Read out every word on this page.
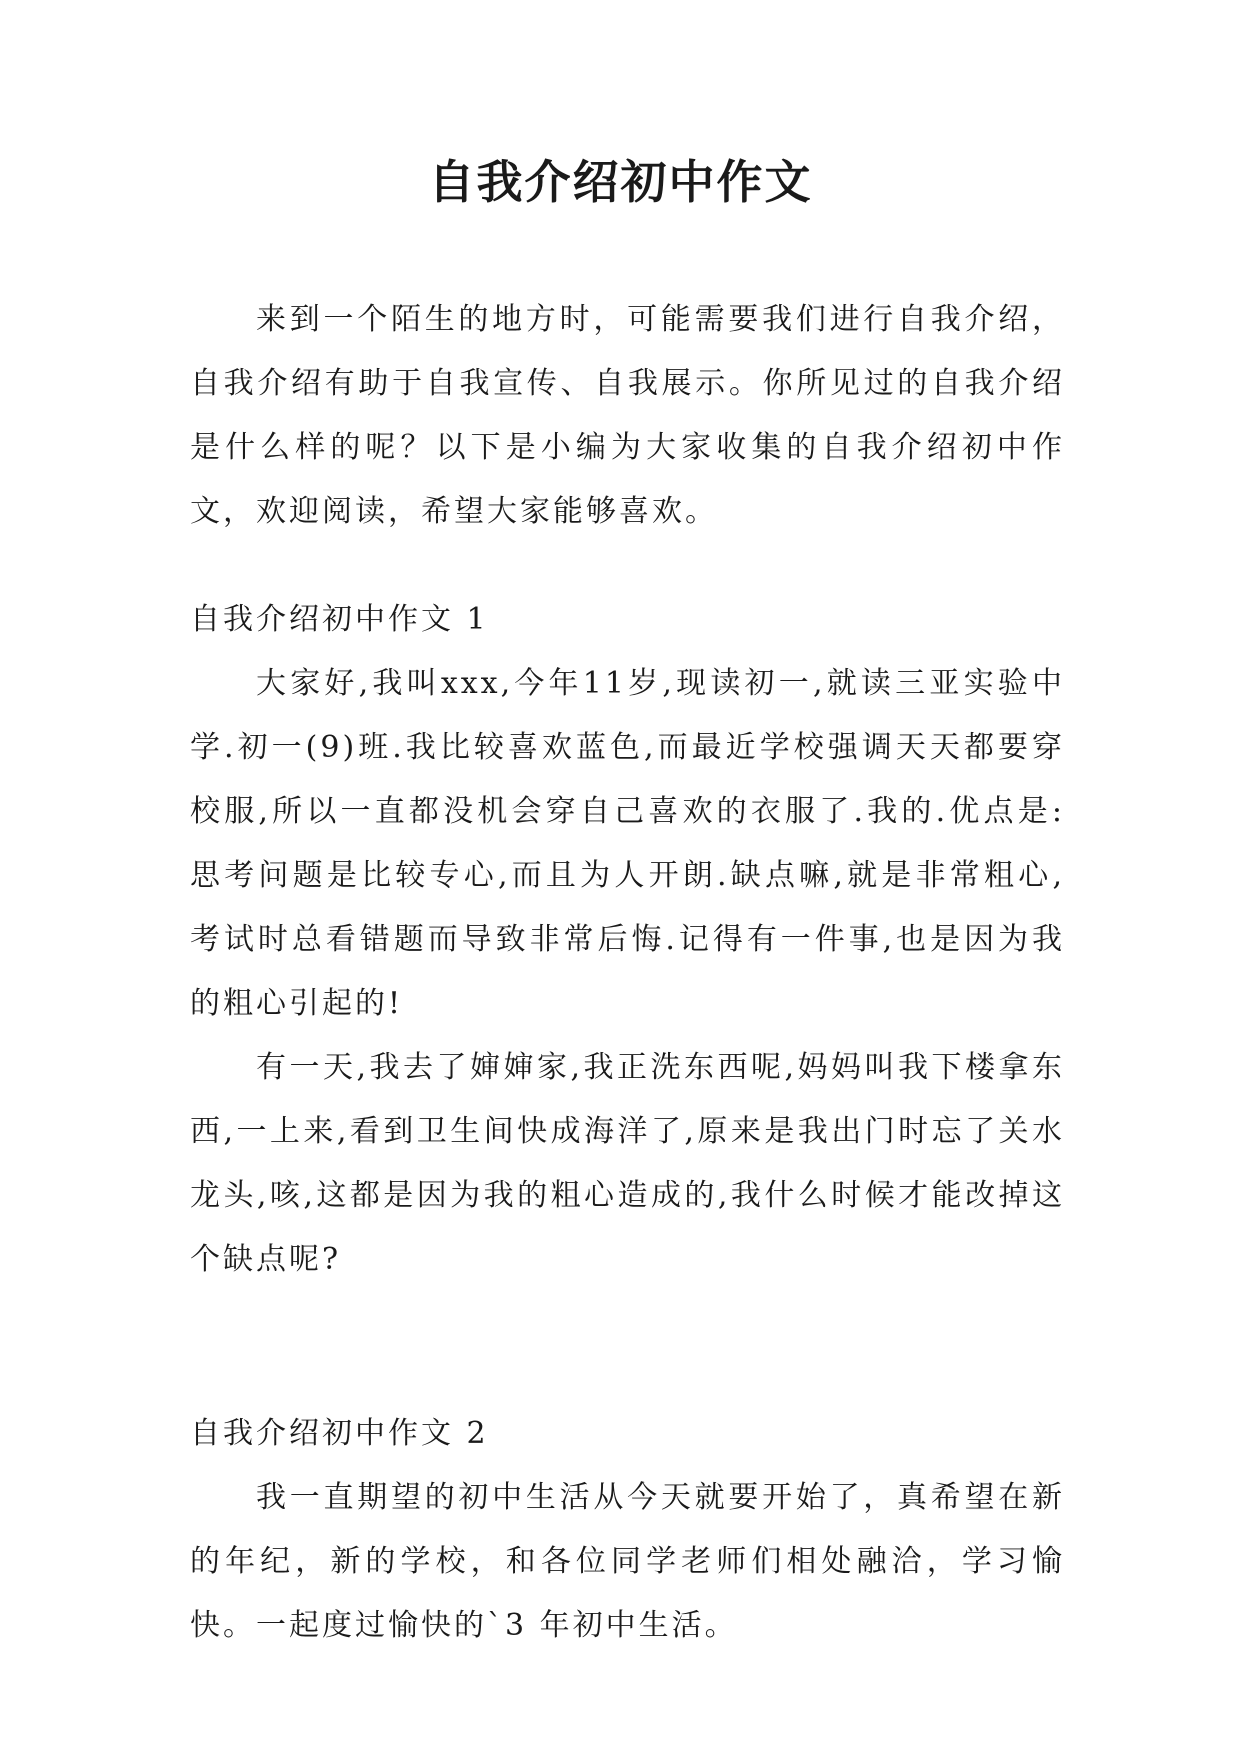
自我介绍初中作文

来到一个陌生的地方时，可能需要我们进行自我介绍，自我介绍有助于自我宣传、自我展示。你所见过的自我介绍是什么样的呢？以下是小编为大家收集的自我介绍初中作文，欢迎阅读，希望大家能够喜欢。

自我介绍初中作文 1

大家好,我叫xxx,今年11岁,现读初一,就读三亚实验中学.初一(9)班.我比较喜欢蓝色,而最近学校强调天天都要穿校服,所以一直都没机会穿自己喜欢的衣服了.我的.优点是:思考问题是比较专心,而且为人开朗.缺点嘛,就是非常粗心,考试时总看错题而导致非常后悔.记得有一件事,也是因为我的粗心引起的!

有一天,我去了婶婶家,我正洗东西呢,妈妈叫我下楼拿东西,一上来,看到卫生间快成海洋了,原来是我出门时忘了关水龙头,咳,这都是因为我的粗心造成的,我什么时候才能改掉这个缺点呢?

自我介绍初中作文 2

我一直期望的初中生活从今天就要开始了，真希望在新的年纪，新的学校，和各位同学老师们相处融洽，学习愉快。一起度过愉快的`3 年初中生活。
